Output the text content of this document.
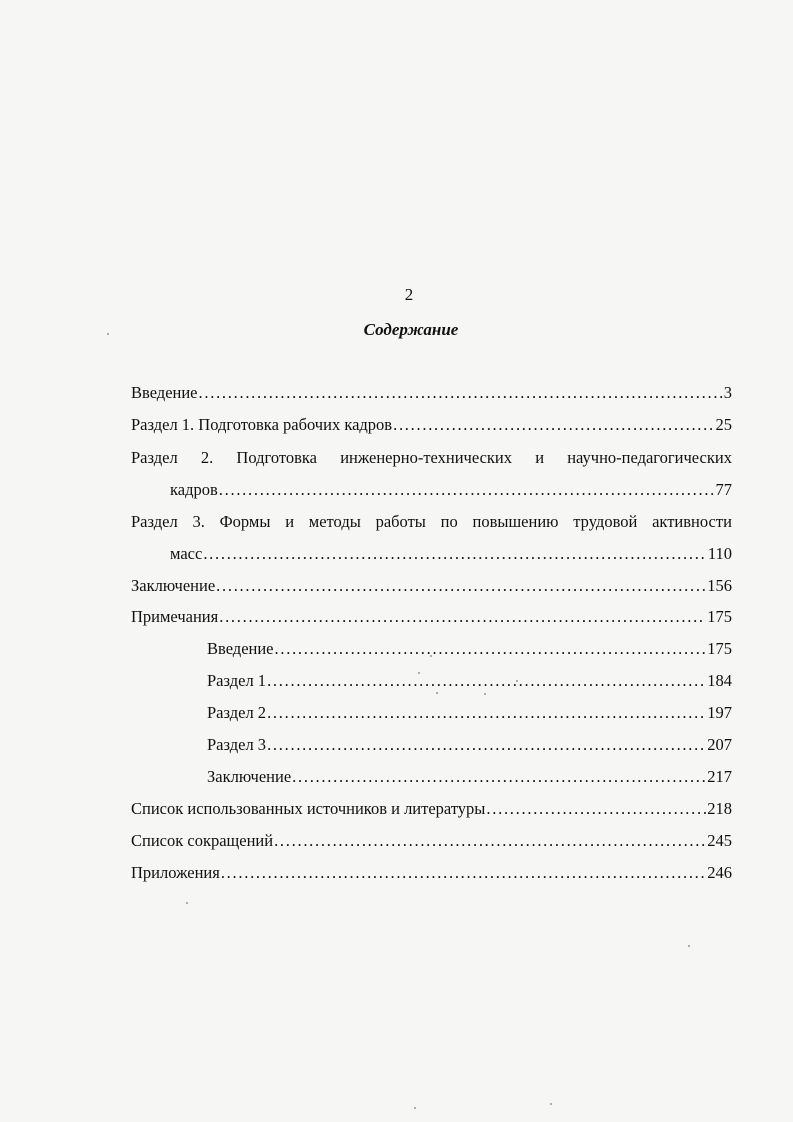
2
Содержание
Введение . . .	3
Раздел 1. Подготовка рабочих кадров . . .	25
Раздел 2. Подготовка инженерно-технических и научно-педагогических
кадров . . .	77
Раздел 3. Формы и методы работы по повышению трудовой активности
масс . . .	110
Заключение . . .	156
Примечания . . .	175
Введение . . .	175
Раздел 1 . . .	184
Раздел 2 . . .	197
Раздел 3 . . .	207
Заключение . . .	217
Список использованных источников и литературы . . .	218
Список сокращений . . .	245
Приложения . . .	246
